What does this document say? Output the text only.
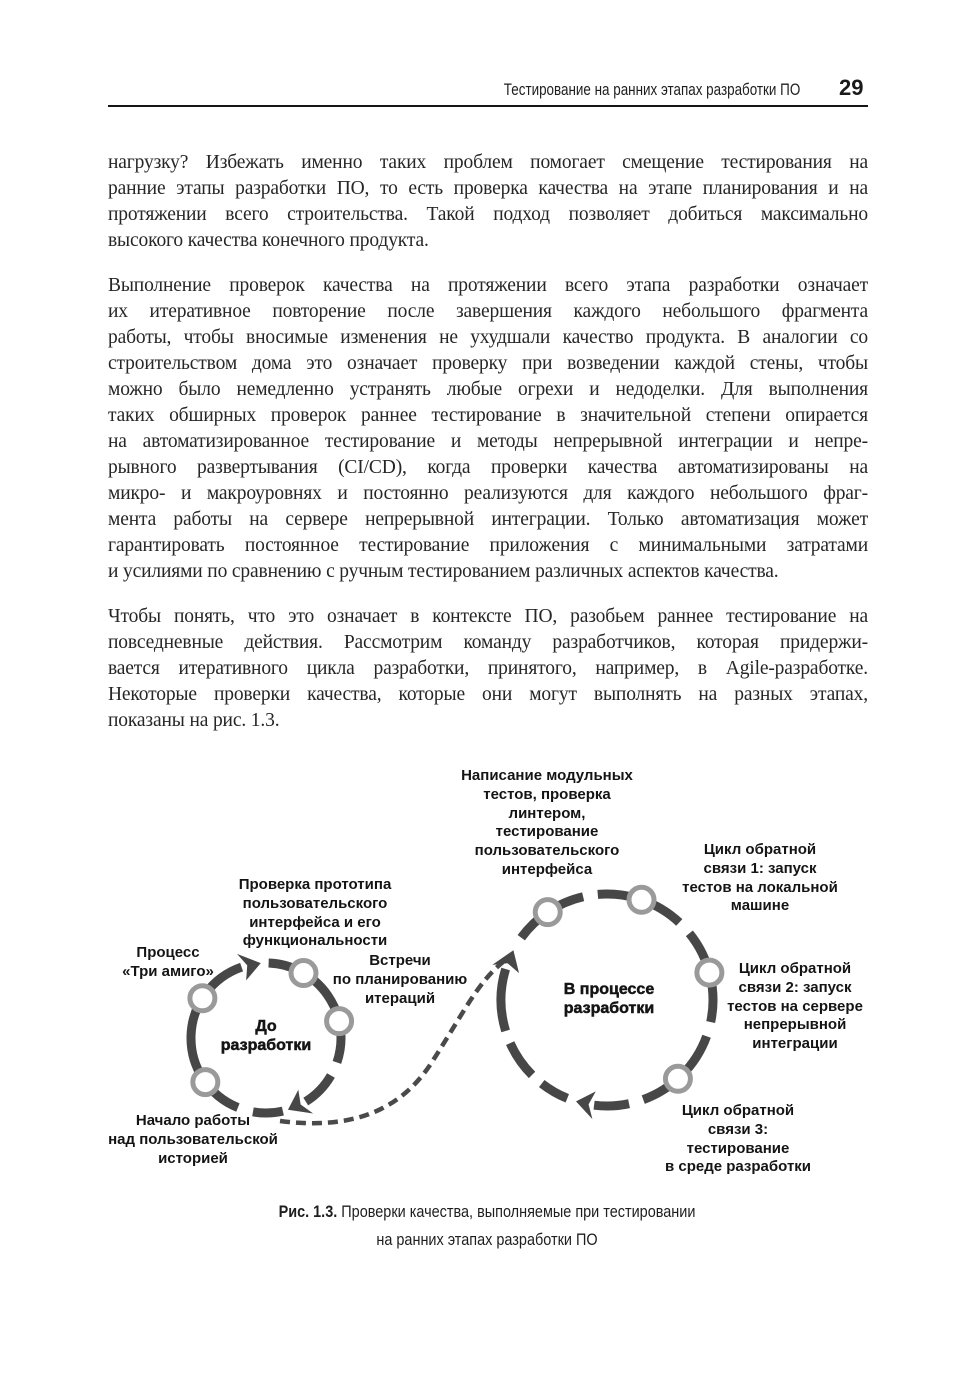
Тестирование на ранних этапах разработки ПО 29
нагрузку? Избежать именно таких проблем помогает смещение тестирования на
ранние этапы разработки ПО, то есть проверка качества на этапе планирования и на
протяжении всего строительства. Такой подход позволяет добиться максимально
высокого качества конечного продукта.
Выполнение проверок качества на протяжении всего этапа разработки означает
их итеративное повторение после завершения каждого небольшого фрагмента
работы, чтобы вносимые изменения не ухудшали качество продукта. В аналогии со
строительством дома это означает проверку при возведении каждой стены, чтобы
можно было немедленно устранять любые огрехи и недоделки. Для выполнения
таких обширных проверок раннее тестирование в значительной степени опирается
на автоматизированное тестирование и методы непрерывной интеграции и непре-
рывного развертывания (CI/CD), когда проверки качества автоматизированы на
микро- и макроуровнях и постоянно реализуются для каждого небольшого фраг-
мента работы на сервере непрерывной интеграции. Только автоматизация может
гарантировать постоянное тестирование приложения с минимальными затратами
и усилиями по сравнению с ручным тестированием различных аспектов качества.
Чтобы понять, что это означает в контексте ПО, разобьем раннее тестирование на
повседневные действия. Рассмотрим команду разработчиков, которая придержи-
вается итеративного цикла разработки, принятого, например, в Agile-разработке.
Некоторые проверки качества, которые они могут выполнять на разных этапах,
показаны на рис. 1.3.
До
разработки
В процессе
разработки
Процесс
«Три амиго»
Проверка прототипа
пользовательского
интерфейса и его
функциональности
Встречи
по планированию
итераций
Начало работы
над пользовательской
историей
Написание модульных
тестов, проверка
линтером,
тестирование
пользовательского
интерфейса
Цикл обратной
связи 1: запуск
тестов на локальной
машине
Цикл обратной
связи 2: запуск
тестов на сервере
непрерывной
интеграции
Цикл обратной
связи 3:
тестирование
в среде разработки
Рис. 1.3. Проверки качества, выполняемые при тестировании
на ранних этапах разработки ПО
